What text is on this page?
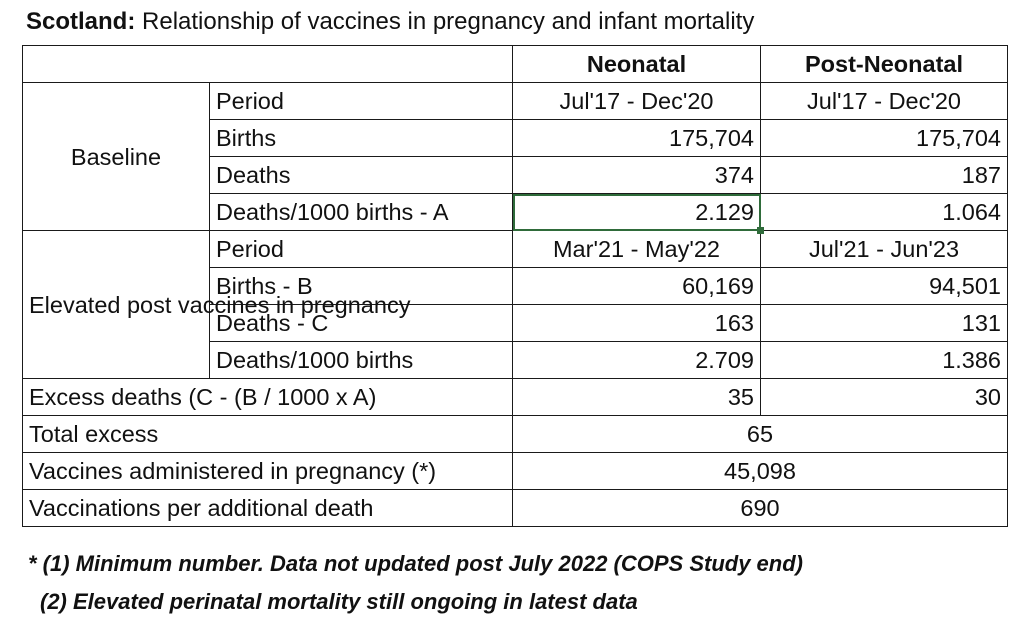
Scotland: Relationship of vaccines in pregnancy and infant mortality
		Neonatal	Post-Neonatal
Baseline	Period	Jul'17 - Dec'20	Jul'17 - Dec'20
	Births	175,704	175,704
	Deaths	374	187
	Deaths/1000 births - A	2.129	1.064
Elevated post vaccines in pregnancy	Period	Mar'21 - May'22	Jul'21 - Jun'23
	Births - B	60,169	94,501
	Deaths - C	163	131
	Deaths/1000 births	2.709	1.386
Excess deaths (C - (B / 1000 x A)		35	30
Total excess		65	
Vaccines administered in pregnancy (*)		45,098	
Vaccinations per additional death		690	
* (1) Minimum number. Data not updated post July 2022 (COPS Study end)
(2) Elevated perinatal mortality still ongoing in latest data
